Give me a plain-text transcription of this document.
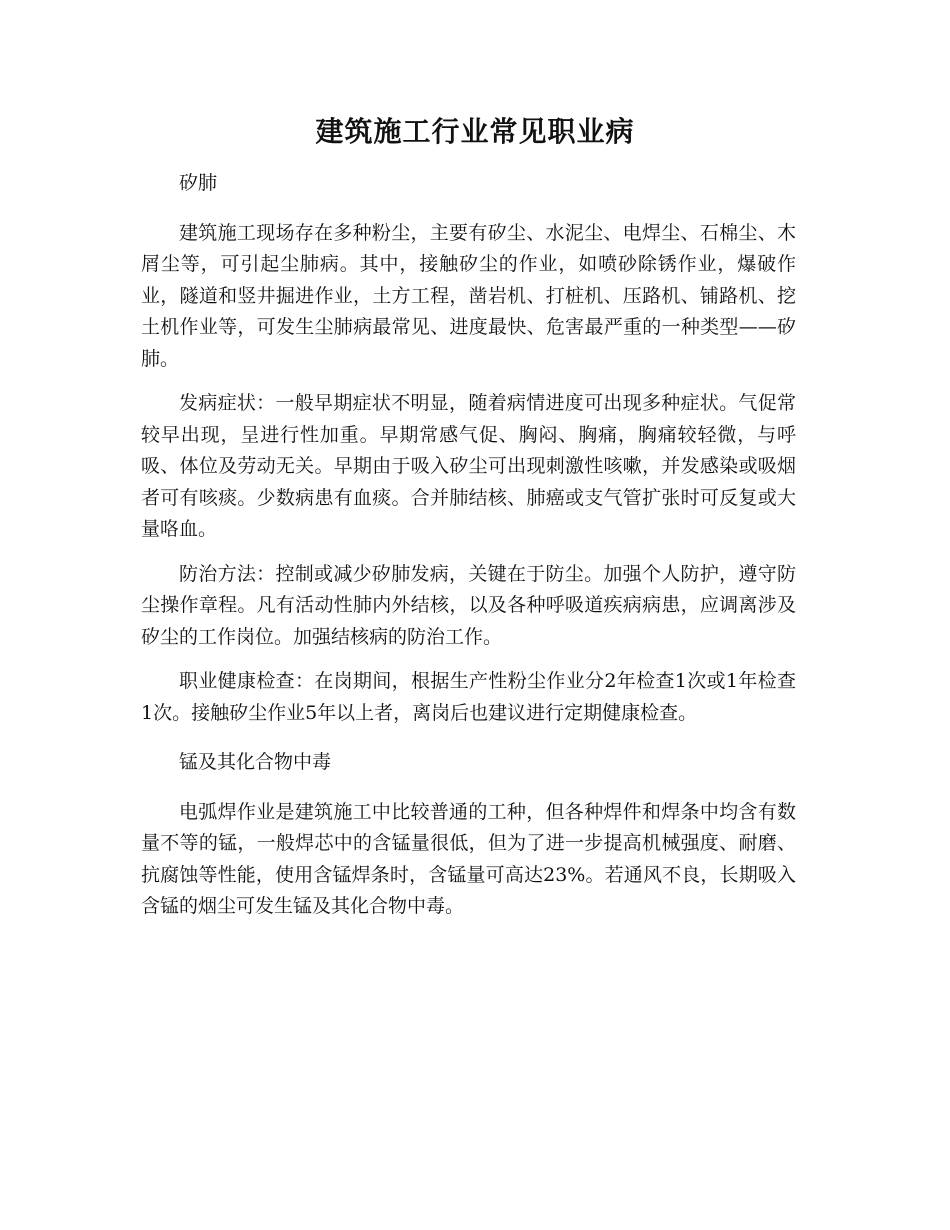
建筑施工行业常见职业病

矽肺

建筑施工现场存在多种粉尘，主要有矽尘、水泥尘、电焊尘、石棉尘、木屑尘等，可引起尘肺病。其中，接触矽尘的作业，如喷砂除锈作业，爆破作业，隧道和竖井掘进作业，土方工程，凿岩机、打桩机、压路机、铺路机、挖土机作业等，可发生尘肺病最常见、进度最快、危害最严重的一种类型——矽肺。

发病症状：一般早期症状不明显，随着病情进度可出现多种症状。气促常较早出现，呈进行性加重。早期常感气促、胸闷、胸痛，胸痛较轻微，与呼吸、体位及劳动无关。早期由于吸入矽尘可出现刺激性咳嗽，并发感染或吸烟者可有咳痰。少数病患有血痰。合并肺结核、肺癌或支气管扩张时可反复或大量咯血。

防治方法：控制或减少矽肺发病，关键在于防尘。加强个人防护，遵守防尘操作章程。凡有活动性肺内外结核，以及各种呼吸道疾病病患，应调离涉及矽尘的工作岗位。加强结核病的防治工作。

职业健康检查：在岗期间，根据生产性粉尘作业分2年检查1次或1年检查1次。接触矽尘作业5年以上者，离岗后也建议进行定期健康检查。

锰及其化合物中毒

电弧焊作业是建筑施工中比较普通的工种，但各种焊件和焊条中均含有数量不等的锰，一般焊芯中的含锰量很低，但为了进一步提高机械强度、耐磨、抗腐蚀等性能，使用含锰焊条时，含锰量可高达23%。若通风不良，长期吸入含锰的烟尘可发生锰及其化合物中毒。
